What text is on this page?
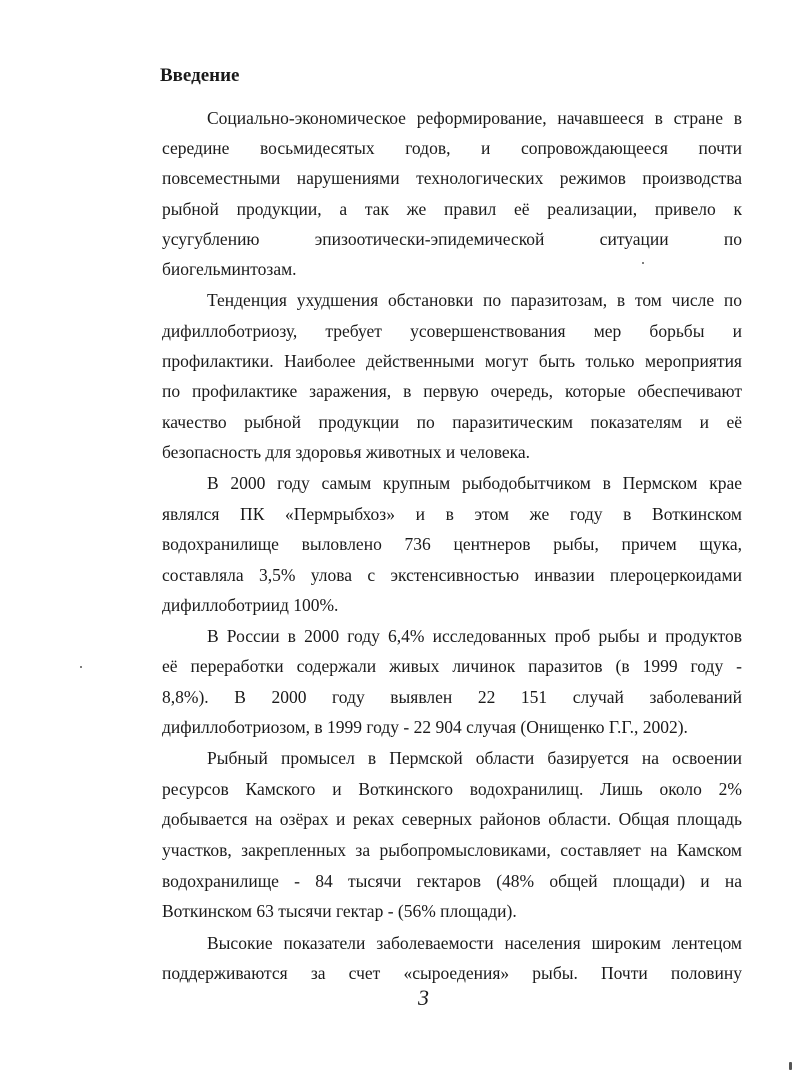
Введение
Социально-экономическое реформирование, начавшееся в стране в
середине восьмидесятых годов, и сопровождающееся почти
повсеместными нарушениями технологических режимов производства
рыбной продукции, а так же правил её реализации, привело к
усугублению эпизоотически-эпидемической ситуации по
биогельминтозам.
Тенденция ухудшения обстановки по паразитозам, в том числе по
дифиллоботриозу, требует усовершенствования мер борьбы и
профилактики. Наиболее действенными могут быть только мероприятия
по профилактике заражения, в первую очередь, которые обеспечивают
качество рыбной продукции по паразитическим показателям и её
безопасность для здоровья животных и человека.
В 2000 году самым крупным рыбодобытчиком в Пермском крае
являлся ПК «Пермрыбхоз» и в этом же году в Воткинском
водохранилище выловлено 736 центнеров рыбы, причем щука,
составляла 3,5% улова с экстенсивностью инвазии плероцеркоидами
дифиллоботриид 100%.
В России в 2000 году 6,4% исследованных проб рыбы и продуктов
её переработки содержали живых личинок паразитов (в 1999 году -
8,8%). В 2000 году выявлен 22 151 случай заболеваний
дифиллоботриозом, в 1999 году - 22 904 случая (Онищенко Г.Г., 2002).
Рыбный промысел в Пермской области базируется на освоении
ресурсов Камского и Воткинского водохранилищ. Лишь около 2%
добывается на озёрах и реках северных районов области. Общая площадь
участков, закрепленных за рыбопромысловиками, составляет на Камском
водохранилище - 84 тысячи гектаров (48% общей площади) и на
Воткинском 63 тысячи гектар - (56% площади).
Высокие показатели заболеваемости населения широким лентецом
поддерживаются за счет «сыроедения» рыбы. Почти половину
3
